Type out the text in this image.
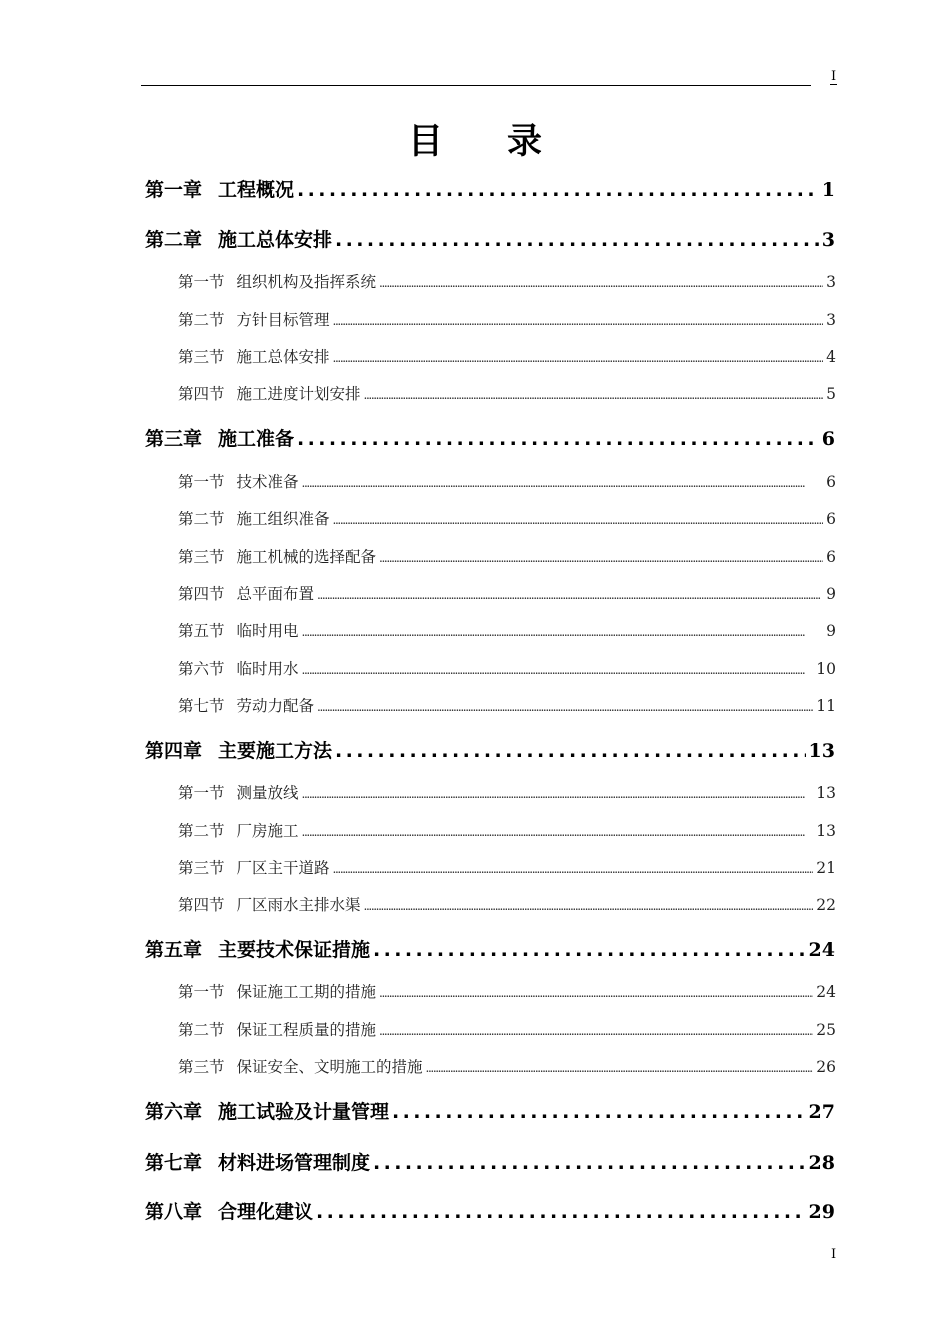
I
目录
第一章 工程概况 . . .	1
第二章 施工总体安排 . . .	3
第一节 组织机构及指挥系统 . . .	3
第二节 方针目标管理 . . .	3
第三节 施工总体安排 . . .	4
第四节 施工进度计划安排 . . .	5
第三章 施工准备 . . .	6
第一节 技术准备 . . .	6
第二节 施工组织准备 . . .	6
第三节 施工机械的选择配备 . . .	6
第四节 总平面布置 . . .	9
第五节 临时用电 . . .	9
第六节 临时用水 . . .	10
第七节 劳动力配备 . . .	11
第四章 主要施工方法 . . .	13
第一节 测量放线 . . .	13
第二节 厂房施工 . . .	13
第三节 厂区主干道路 . . .	21
第四节 厂区雨水主排水渠 . . .	22
第五章 主要技术保证措施 . . .	24
第一节 保证施工工期的措施 . . .	24
第二节 保证工程质量的措施 . . .	25
第三节 保证安全、文明施工的措施 . . .	26
第六章 施工试验及计量管理 . . .	27
第七章 材料进场管理制度 . . .	28
第八章 合理化建议 . . .	29
I
